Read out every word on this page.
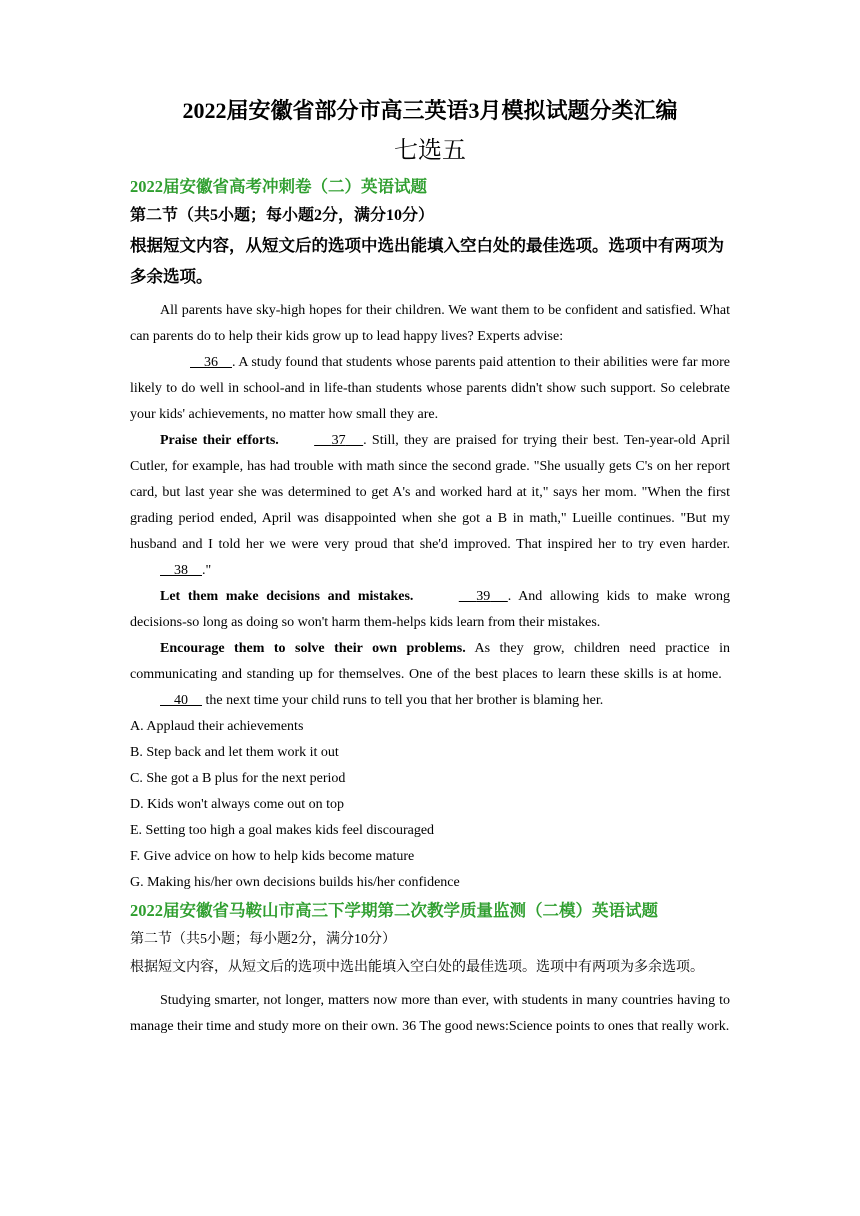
2022届安徽省部分市高三英语3月模拟试题分类汇编

七选五

2022届安徽省高考冲刺卷（二）英语试题

第二节（共5小题；每小题2分，满分10分）

根据短文内容，从短文后的选项中选出能填入空白处的最佳选项。选项中有两项为多余选项。

All parents have sky-high hopes for their children. We want them to be confident and satisfied. What can parents do to help their kids grow up to lead happy lives? Experts advise:

36 . A study found that students whose parents paid attention to their abilities were far more likely to do well in school-and in life-than students whose parents didn't show such support. So celebrate your kids' achievements, no matter how small they are.

Praise their efforts.	37 . Still, they are praised for trying their best. Ten-year-old April Cutler, for example, has had trouble with math since the second grade. "She usually gets C's on her report card, but last year she was determined to get A's and worked hard at it," says her mom. "When the first grading period ended, April was disappointed when she got a B in math," Lueille continues. "But my husband and I told her we were very proud that she'd improved. That inspired her to try even harder.     38 ."

Let them make decisions and mistakes.	39 . And allowing kids to make wrong decisions-so long as doing so won't harm them-helps kids learn from their mistakes.

Encourage them to solve their own problems. As they grow, children need practice in communicating and standing up for themselves. One of the best places to learn these skills is at home.      40     the next time your child runs to tell you that her brother is blaming her.

A. Applaud their achievements

B. Step back and let them work it out

C. She got a B plus for the next period

D. Kids won't always come out on top

E. Setting too high a goal makes kids feel discouraged

F. Give advice on how to help kids become mature

G. Making his/her own decisions builds his/her confidence

2022届安徽省马鞍山市高三下学期第二次教学质量监测（二模）英语试题

第二节（共5小题；每小题2分，满分10分）

根据短文内容，从短文后的选项中选出能填入空白处的最佳选项。选项中有两项为多余选项。

Studying smarter, not longer, matters now more than ever, with students in many countries having to manage their time and study more on their own. 36 The good news:Science points to ones that really work.
